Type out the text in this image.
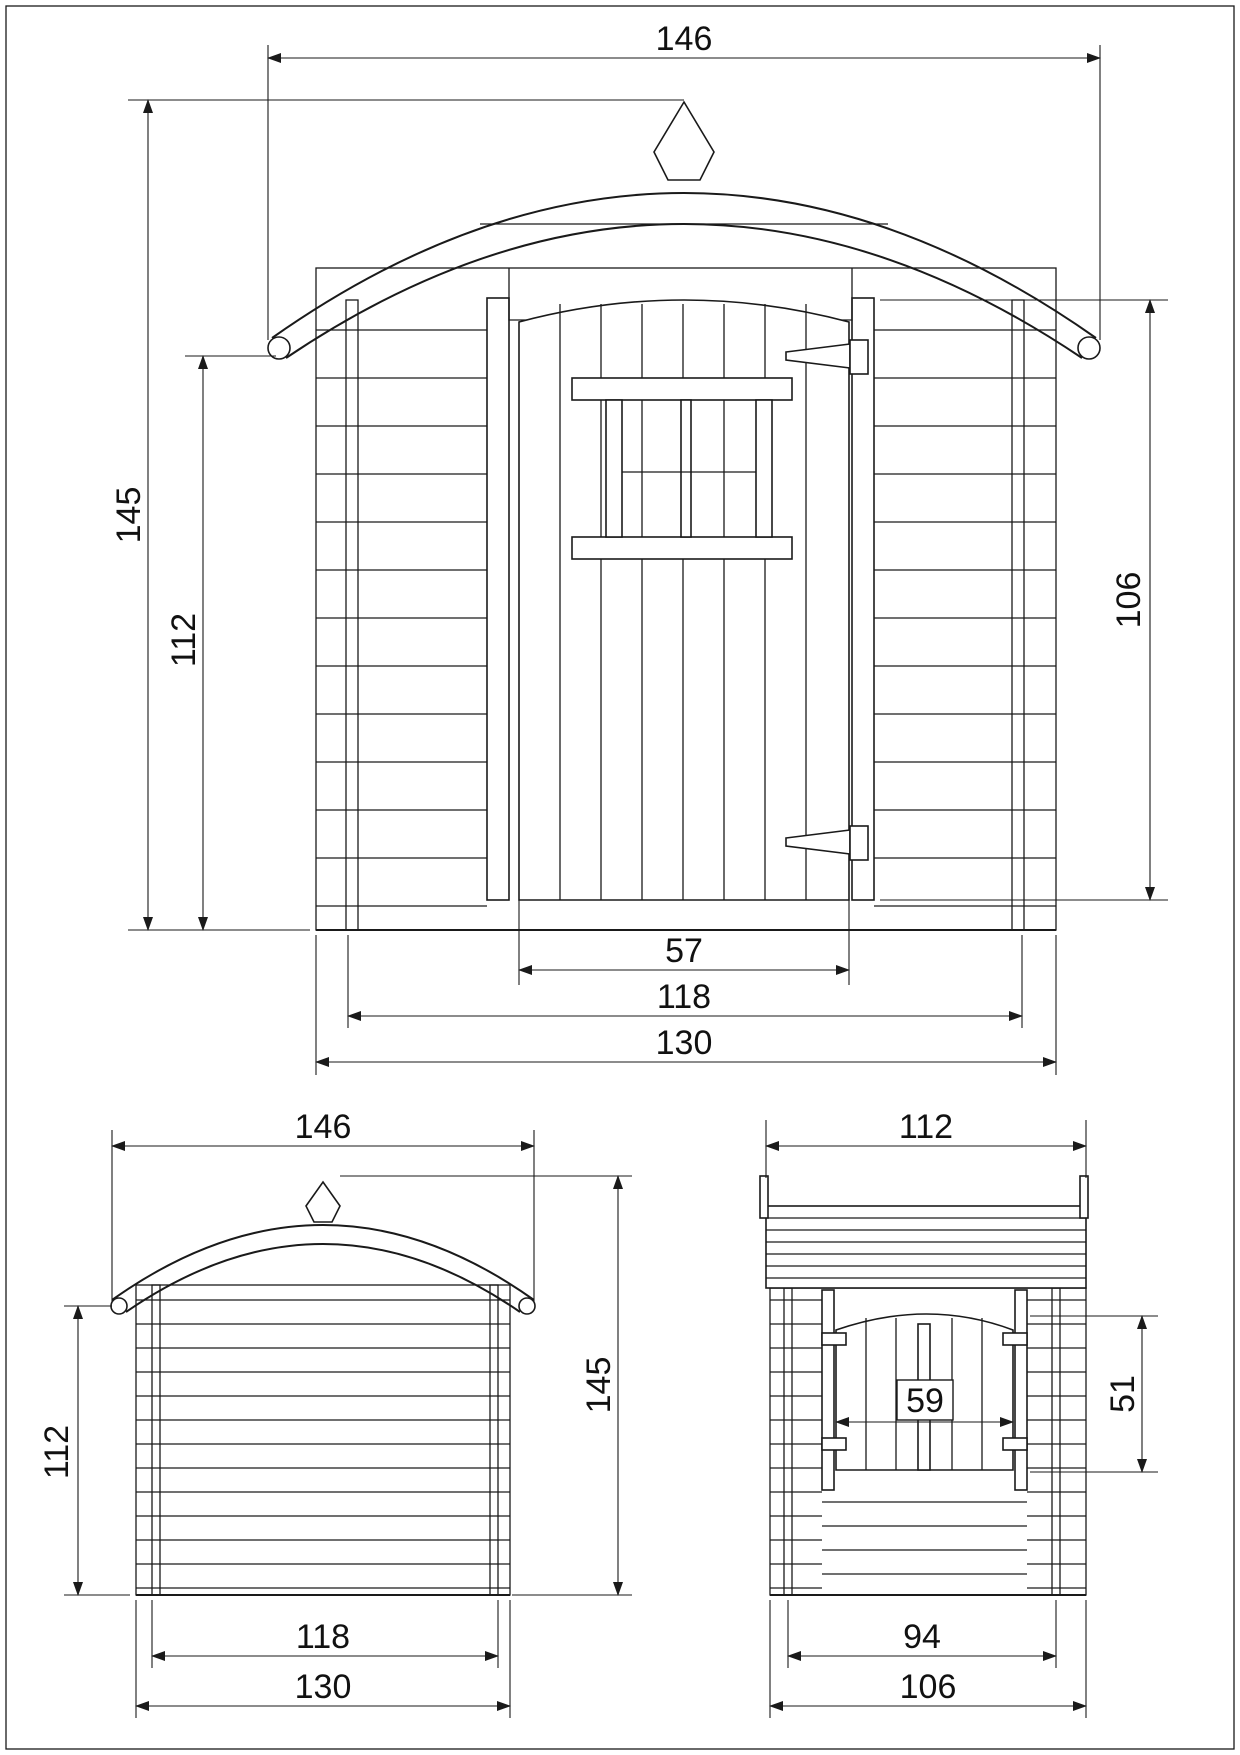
146
145
112
106
57
118
130
146
112
145
118
130
112
51
59
94
106
